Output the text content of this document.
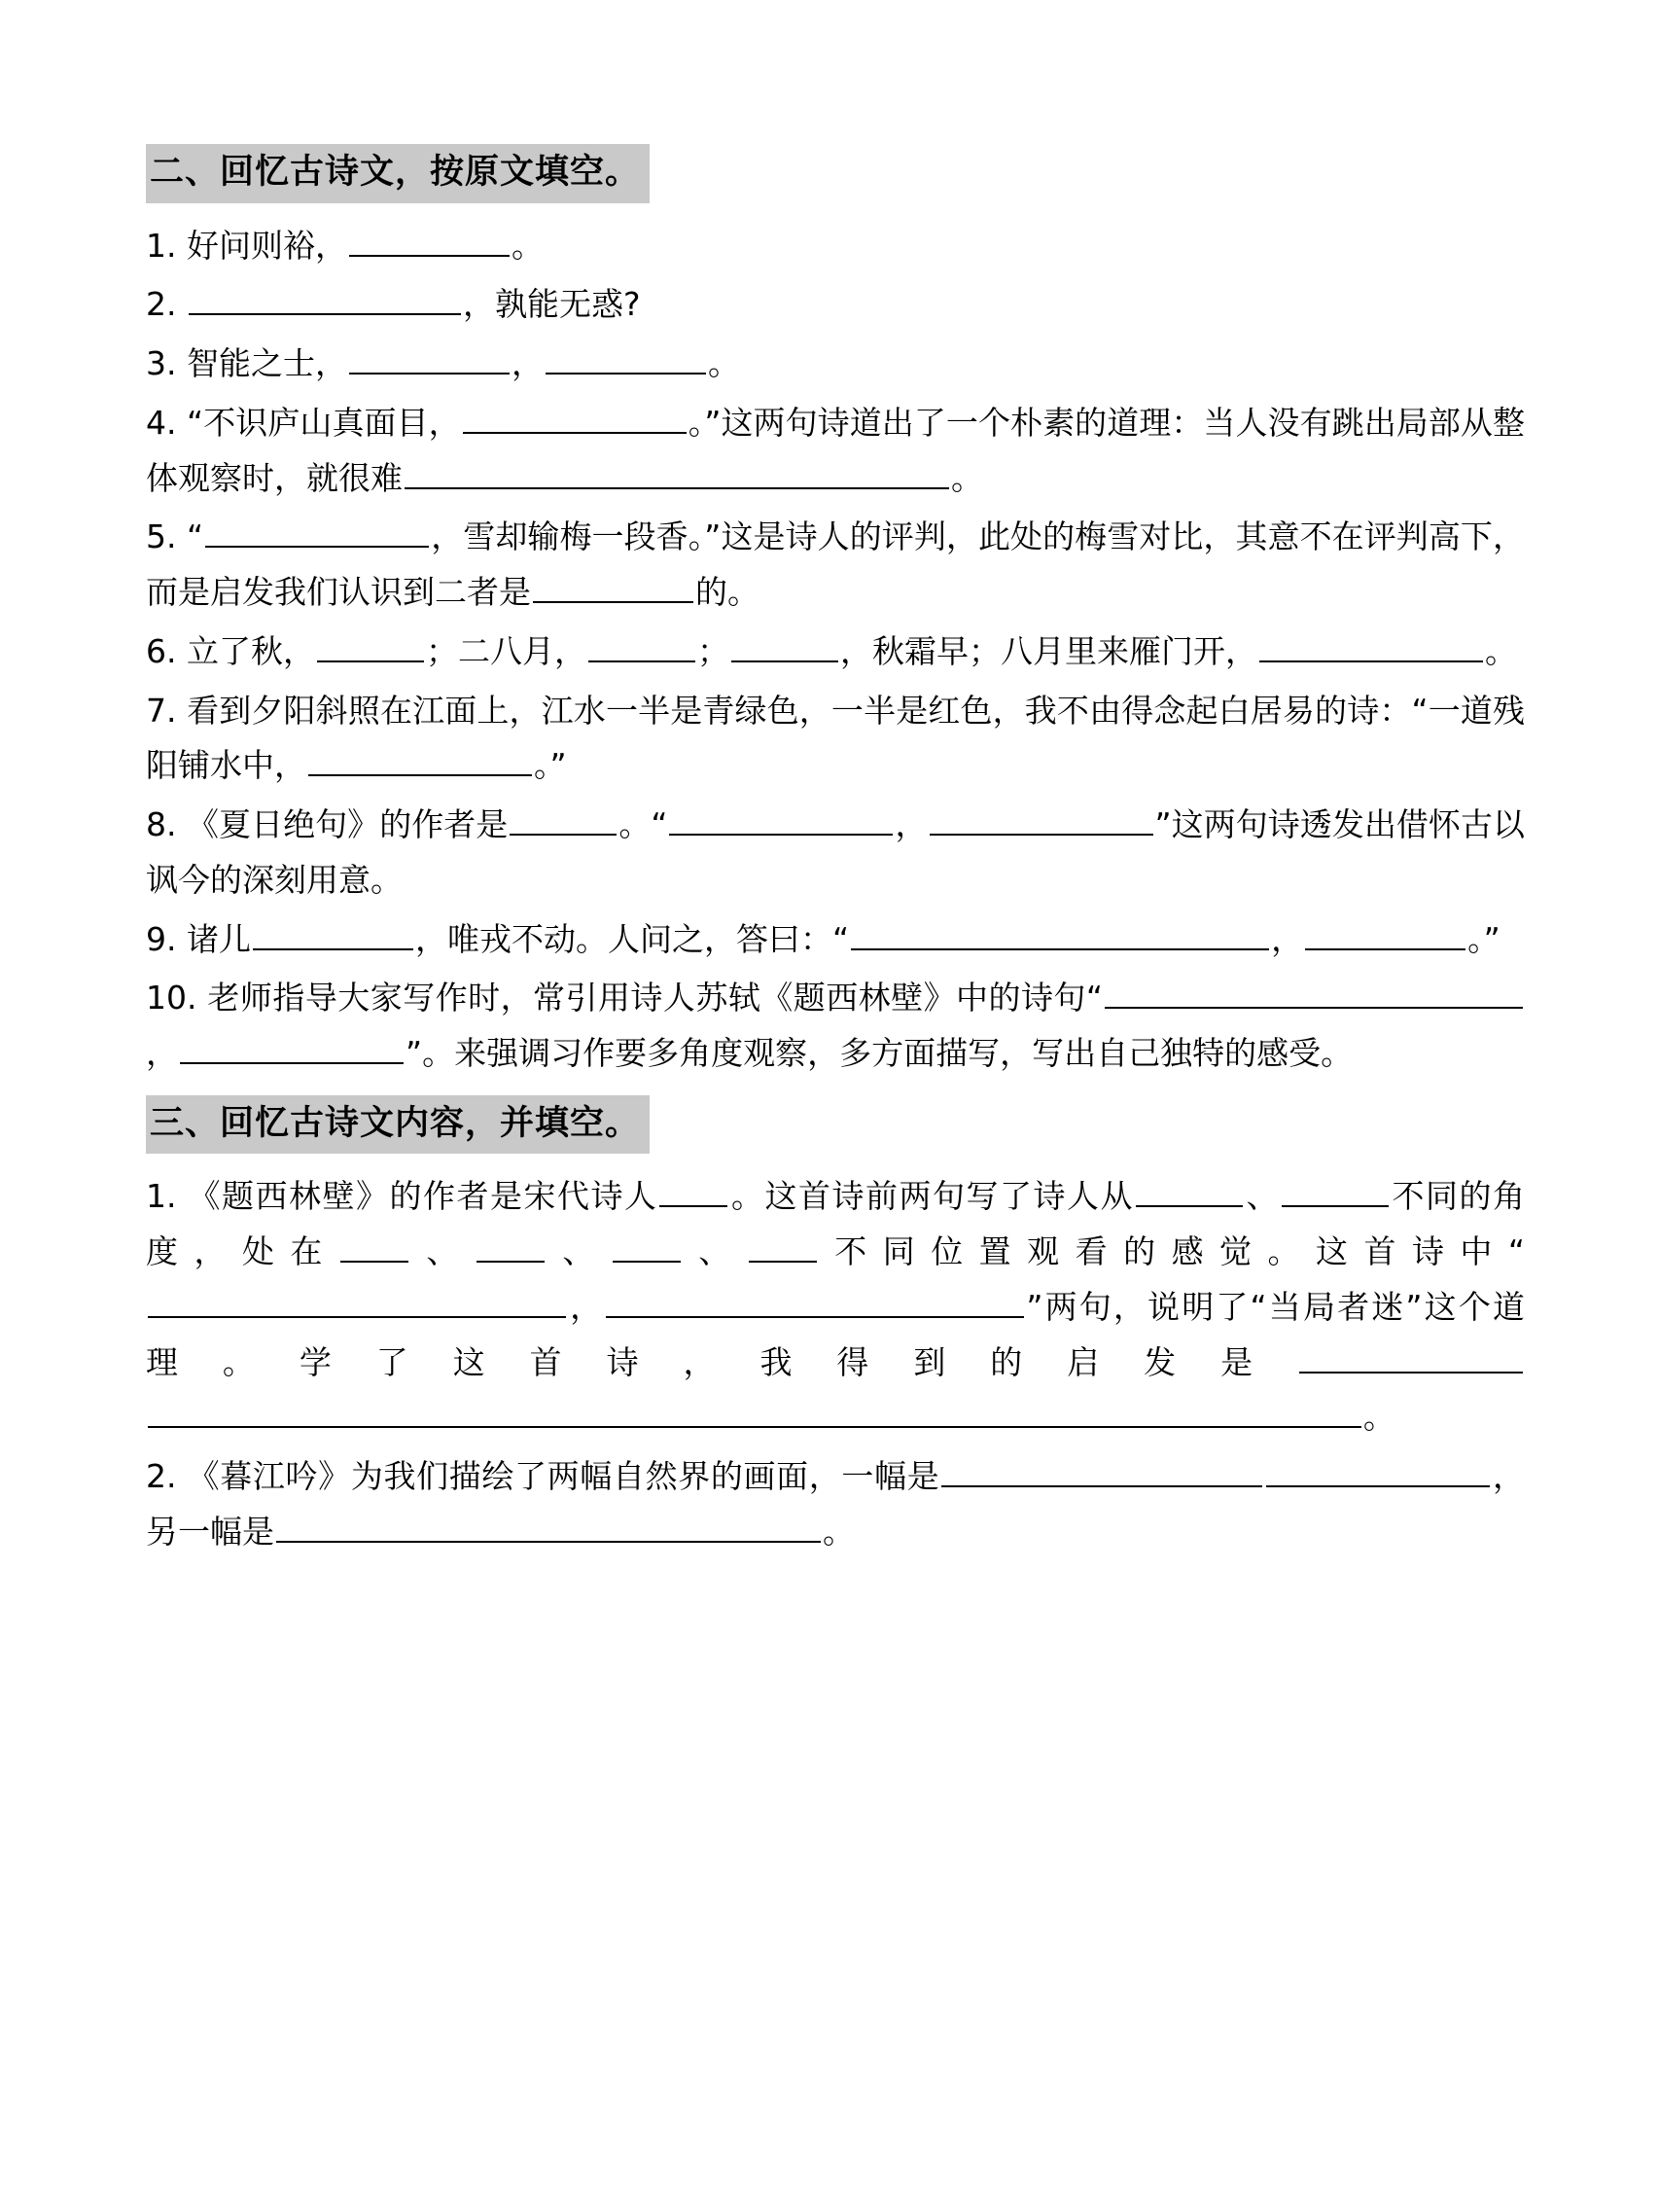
二、回忆古诗文，按原文填空。

1. 好问则裕，	。

2.	，孰能无惑?

3. 智能之士，	，	。

4. “不识庐山真面目，	。”这两句诗道出了一个朴素的道理：当人没有跳出局部从整体观察时，就很难	。

5. “	，雪却输梅一段香。”这是诗人的评判，此处的梅雪对比，其意不在评判高下，而是启发我们认识到二者是	的。

6. 立了秋，	；二八月，	；	，秋霜早；八月里来雁门开，	。

7. 看到夕阳斜照在江面上，江水一半是青绿色，一半是红色，我不由得念起白居易的诗：“一道残阳铺水中，	。”

8. 《夏日绝句》的作者是	。“	，	”这两句诗透发出借怀古以讽今的深刻用意。

9. 诸儿	，唯戎不动。人问之，答曰：“	，	。”

10. 老师指导大家写作时，常引用诗人苏轼《题西林壁》中的诗句“，	”。来强调习作要多角度观察，多方面描写，写出自己独特的感受。

三、回忆古诗文内容，并填空。

1. 《题西林壁》的作者是宋代诗人 。这首诗前两句写了诗人从	、	不同的角度，处在 、 、 、 不同位置观看的感觉。这首诗中“，	”两句，说明了“当局者迷”这个道理。学了这首诗，我得到的启发是。

2. 《暮江吟》为我们描绘了两幅自然界的画面，一幅是	，另一幅是	。
